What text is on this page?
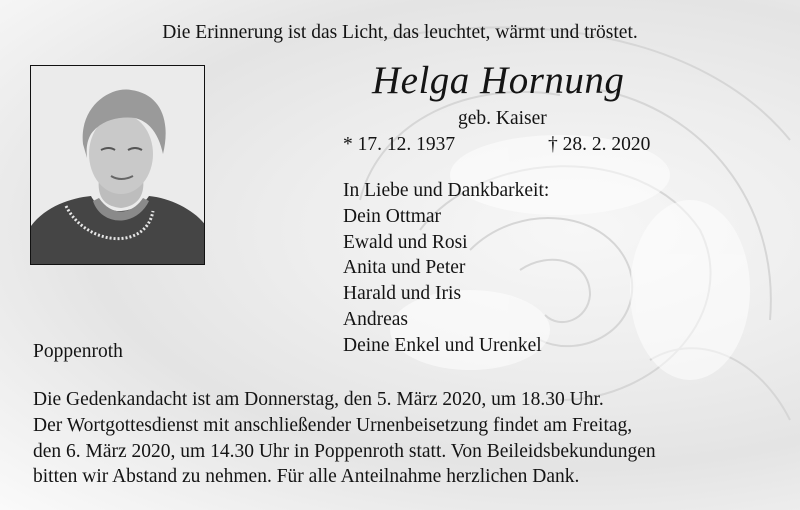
Die Erinnerung ist das Licht, das leuchtet, wärmt und tröstet.
Helga Hornung
geb. Kaiser
* 17. 12. 1937	† 28. 2. 2020
In Liebe und Dankbarkeit:
Dein Ottmar
Ewald und Rosi
Anita und Peter
Harald und Iris
Andreas
Deine Enkel und Urenkel
Poppenroth
Die Gedenkandacht ist am Donnerstag, den 5. März 2020, um 18.30 Uhr.
Der Wortgottesdienst mit anschließender Urnenbeisetzung findet am Freitag,
den 6. März 2020, um 14.30 Uhr in Poppenroth statt. Von Beileidsbekundungen
bitten wir Abstand zu nehmen. Für alle Anteilnahme herzlichen Dank.
